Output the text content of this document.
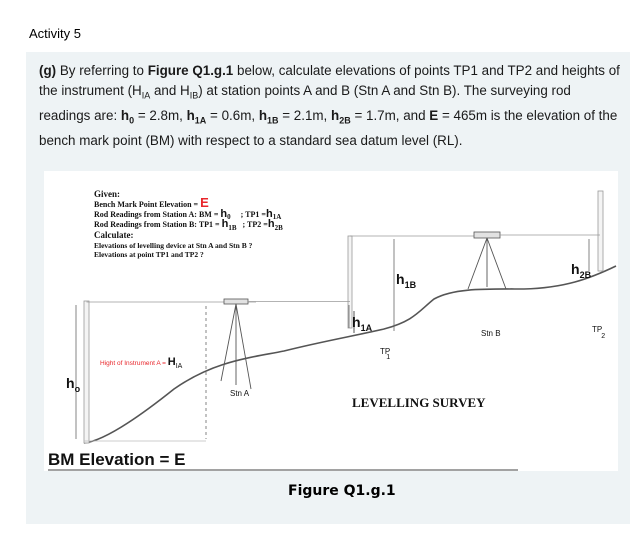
Activity 5
(g) By referring to Figure Q1.g.1 below, calculate elevations of points TP1 and TP2 and heights of the instrument ($H_{IA}$ and $H_{IB}$) at station points A and B (Stn A and Stn B). The surveying rod readings are: $h_0 = 2.8m$, $h_{1A} = 0.6m$, $h_{1B} = 2.1m$, $h_{2B} = 1.7m$, and E = 465m is the elevation of the bench mark point (BM) with respect to a standard sea datum level (RL).
Given:
Bench Mark Point Elevation = E
Rod Readings from Station A: BM = h0 ; TP1 =h1A
Rod Readings from Station B: TP1 = h1B ; TP2 =h2B
Calculate:
Elevations of levelling device at Stn A and Stn B ?
Elevations at point TP1 and TP2 ?
$h_o$
Hight of Instrument A = HIA
$h_{1A}$
$h_{1B}$
$h_{2B}$
TP 1
TP2
Stn A
Stn B
LEVELLING SURVEY
BM Elevation = E
Figure Q1.g.1
